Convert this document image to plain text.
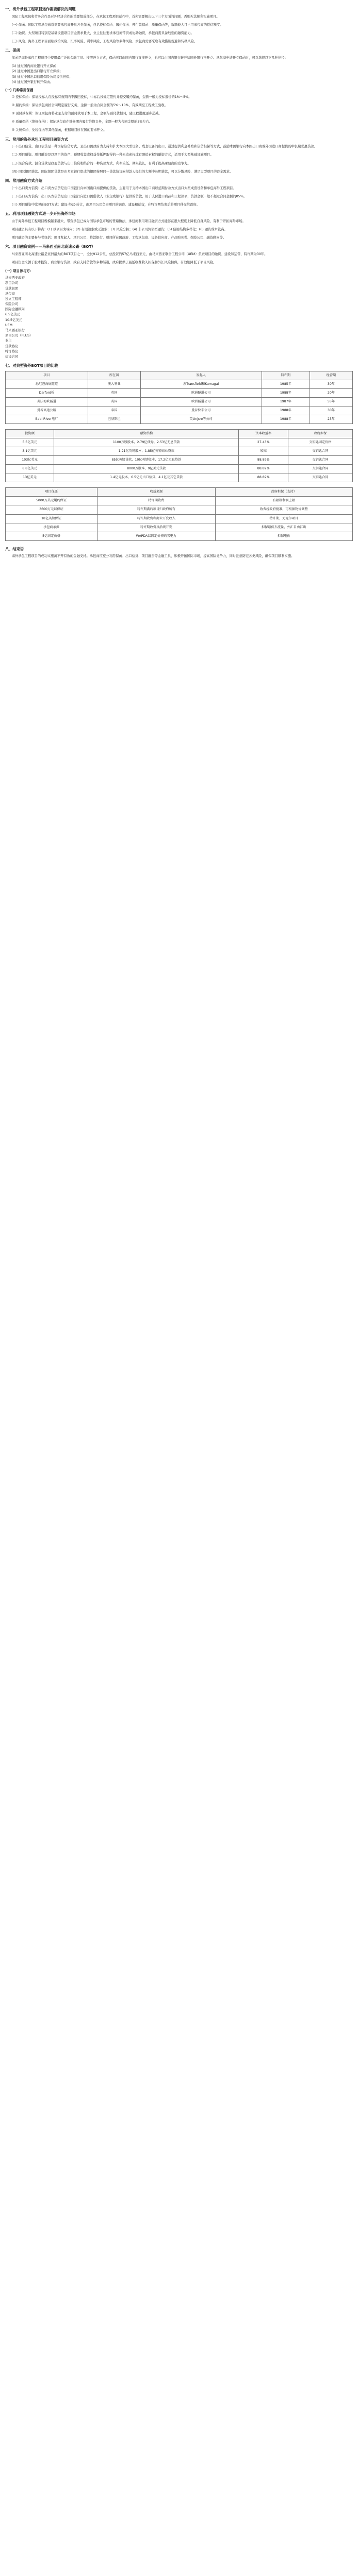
一、海外承包工程项目运作需要解决的问题
国际工程承包和劳务合作是对外经济合作的重要组成部分，在承包工程项目运作中，首先需要解决以下三个方面的问题，否则无法顺利实施项目。
(一) 保函。国际工程承包通常需要承包商开具各类保函，包括投标保函、履约保函、预付款保函、质量保函等，数额较大且占用承包商的授信额度。
(二) 融资。大型项目特别是基础设施项目资金需求量大，业主往往要求承包商带资或协助融资，承包商需具备较强的融资能力。
(三) 风险。海外工程项目面临政治风险、汇率风险、利率风险、工程风险等多种风险，承包商需要采取有效措施规避和转移风险。
二、保函
保函是海外承包工程项目中使用最广泛的金融工具。按照开立方式，保函可以由国内银行直接开立，也可以由国内银行转开给国外银行再开立。承包商申请开立保函时，可以选择以下几种途径：
(1) 通过国内商业银行开立保函；
(2) 通过中国进出口银行开立保函；
(3) 通过中国出口信用保险公司提供担保；
(4) 通过国外银行转开保函。
(一) 几种常用保函
① 投标保函：保证投标人在投标有效期内不撤回投标，中标后按规定签约并提交履约保函，金额一般为投标报价的1%～5%。
② 履约保函：保证承包商按合同规定履行义务，金额一般为合同金额的5%～10%，有效期至工程竣工验收。
③ 预付款保函：保证承包商将业主支付的预付款用于本工程，金额与预付款相同，随工程进度逐步递减。
④ 质量保函（维修保函）：保证承包商在维修期内履行维修义务，金额一般为合同金额的5%左右。
⑤ 关税保函、免税保函等其他保函，根据项目所在国的要求开立。
三、常用的海外承包工程项目融资方式
(一) 出口信贷。出口信贷是一种国际信贷方式，是出口国政府为支持和扩大本国大型设备、成套设备的出口，通过提供利息补贴和信贷担保等方式，鼓励本国银行向本国出口商或外国进口商提供的中长期优惠贷款。
(二) 项目融资。项目融资是以项目的资产、预期收益或权益作抵押取得的一种无追索权或有限追索权的融资方式，适用于大型基础设施项目。
(三) 混合贷款。混合贷款是政府贷款与出口信贷相结合的一种贷款方式，利率较低、期限较长，有利于提高承包商的竞争力。
(四) 国际银团贷款。国际银团贷款是由多家银行组成的银团按照同一贷款协议向借款人提供的大额中长期贷款，可以分散风险、满足大型项目的资金需求。
四、常用融资方式介绍
(一) 出口卖方信贷：出口卖方信贷是出口国银行向本国出口商提供的贷款，主要用于支持本国出口商以延期付款方式出口大型成套设备和承包海外工程项目。
(二) 出口买方信贷：出口买方信贷是出口国银行向进口国借款人（业主或银行）提供的贷款，用于支付进口商品和工程款项，贷款金额一般不超过合同金额的85%。
(三) 项目融资中常见的BOT方式：建设-经营-转让，由项目公司负责项目的融资、建设和运营，在特许期结束后将项目移交给政府。
五、利用项目融资方式进一步开拓海外市场
由于海外承包工程项目规模越来越大，带资承包已成为国际承包市场的普遍做法，承包商利用项目融资方式能够在很大程度上降低自身风险，有利于开拓海外市场。
项目融资具有以下特点：(1) 以项目为导向；(2) 有限追索或无追索；(3) 风险分担；(4) 非公司负债型融资；(5) 信用结构多样化；(6) 融资成本较高。
项目融资的主要参与者包括：项目发起人、项目公司、贷款银行、项目所在国政府、工程承包商、设备供应商、产品购买者、保险公司、融资顾问等。
六、项目融资案例——马来西亚南北高速公路（BOT）
马来西亚南北高速公路是亚洲最大的BOT项目之一，全长912公里，总投资约57亿马来西亚元，由马来西亚联合工程公司（UEM）负责项目的融资、建设和运营，特许期为30年。
项目资金来源于股本投资、商业银行贷款、政府支持贷款等多种渠道，政府提供了最低收费收入担保和外汇风险担保，有效地降低了项目风险。
(一) 项目参与方：
马来西亚政府
项目公司
贷款银团
承包商
独立工程师
保险公司
国际金融顾问
6.5亿美元
10.5亿美元
UEM
马来西亚银行
项目公司（PLUS）
业主
贷款协议
特许协议
建设合同
七、对典型海外BOT项目的比较
项目	所在国	发起人	特许期	经营期
悉尼港海底隧道	澳大利亚	澳Transfield和Kumagai	1985年	30年
Darford桥	英国	欧洲隧道公司	1988年	20年
英法海峡隧道	英国	欧洲隧道公司	1987年	55年
曼谷高速公路	泰国	曼谷快车公司	1988年	30年
Babi River电厂	巴基斯坦	英Unjsre等公司	1988年	23年
投资额	融资结构	资本收益率	政府担保
5.5亿美元	1100万股股本，2.79亿债券，2.53亿无息贷款	27.43%	交钥匙固定价格
3.1亿美元	1.21亿英镑股本，1.85亿英镑商业贷款	较高	交钥匙合同
103亿美元	85亿英镑贷款，10亿英镑股本，17.2亿无息贷款	88.89%	交钥匙合同
8.8亿美元	8000万股本，9亿美元贷款	88.89%	交钥匙合同
13亿美元	1.4亿元股本，6.5亿元出口信贷，4.1亿元其它贷款	88.89%	交钥匙合同
项目保证	收益来源	政府担保（支持）
5000万美元履约保证	特许期收费	有限制利润上限
3600万元以保证	特许期满后项目归政府所有	收费经政府批准，可根据物价调整
18亿英镑保证	特许期收费和商业开发收入	特许期，无竞争项目
承包商承担	特许期收费及沿线开发	担保最低车流量，外汇自由汇出
5亿固定价格	WAPDA以固定价格购买电力	担保电价
八、结束语
海外承包工程项目的成功实施离不开有效的金融支持。承包商应充分利用保函、出口信贷、项目融资等金融工具，积极开拓国际市场，提高国际竞争力，同时注意防范各类风险，确保项目顺利实施。
